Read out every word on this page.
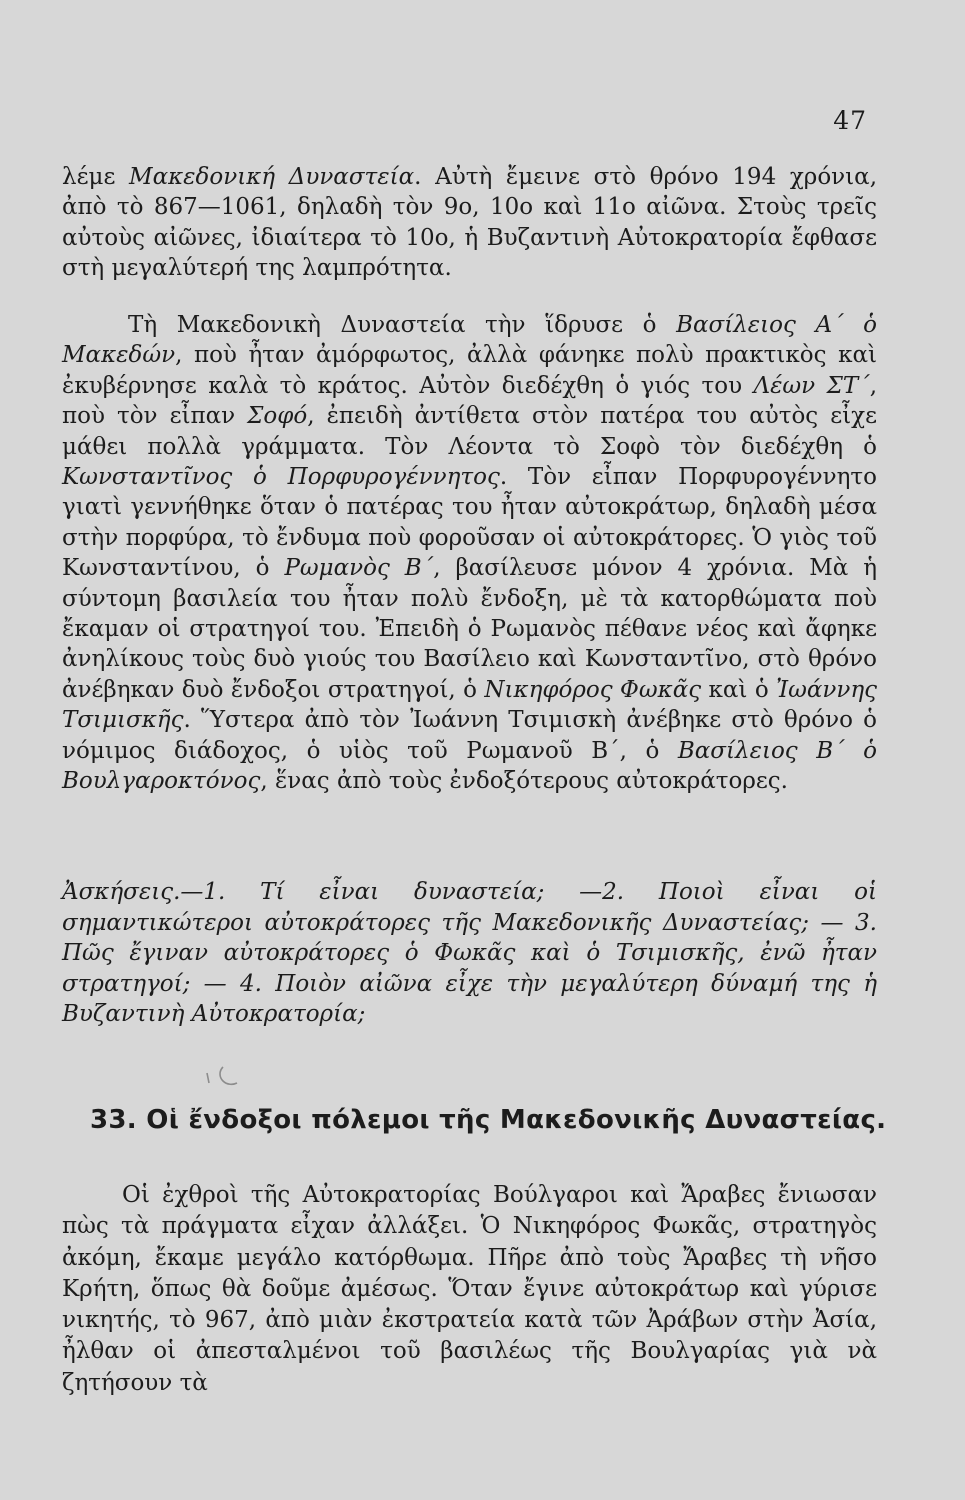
47

λέμε Μακεδονική Δυναστεία. Αὐτὴ ἔμεινε στὸ θρόνο 194 χρόνια, ἀπὸ τὸ 867—1061, δηλαδὴ τὸν 9ο, 10ο καὶ 11ο αἰῶνα. Στοὺς τρεῖς αὐτοὺς αἰῶνες, ἰδιαίτερα τὸ 10ο, ἡ Βυζαντινὴ Αὐτοκρατορία ἔφθασε στὴ μεγαλύτερή της λαμπρότητα.

Τὴ Μακεδονικὴ Δυναστεία τὴν ἵδρυσε ὁ Βασίλειος Α΄ ὁ Μακεδών, ποὺ ἦταν ἀμόρφωτος, ἀλλὰ φάνηκε πολὺ πρακτικὸς καὶ ἐκυβέρνησε καλὰ τὸ κράτος. Αὐτὸν διεδέχθη ὁ γιός του Λέων ΣΤ΄, ποὺ τὸν εἶπαν Σοφό, ἐπειδὴ ἀντίθετα στὸν πατέρα του αὐτὸς εἶχε μάθει πολλὰ γράμματα. Τὸν Λέοντα τὸ Σοφὸ τὸν διεδέχθη ὁ Κωνσταντῖνος ὁ Πορφυρογέννητος. Τὸν εἶπαν Πορφυρογέννητο γιατὶ γεννήθηκε ὅταν ὁ πατέρας του ἦταν αὐτοκράτωρ, δηλαδὴ μέσα στὴν πορφύρα, τὸ ἔνδυμα ποὺ φοροῦσαν οἱ αὐτοκράτορες. Ὁ γιὸς τοῦ Κωνσταντίνου, ὁ Ρωμανὸς Β΄, βασίλευσε μόνον 4 χρόνια. Μὰ ἡ σύντομη βασιλεία του ἦταν πολὺ ἔνδοξη, μὲ τὰ κατορθώματα ποὺ ἔκαμαν οἱ στρατηγοί του. Ἐπειδὴ ὁ Ρωμανὸς πέθανε νέος καὶ ἄφηκε ἀνηλίκους τοὺς δυὸ γιούς του Βασίλειο καὶ Κωνσταντῖνο, στὸ θρόνο ἀνέβηκαν δυὸ ἔνδοξοι στρατηγοί, ὁ Νικηφόρος Φωκᾶς καὶ ὁ Ἰωάννης Τσιμισκῆς. Ὕστερα ἀπὸ τὸν Ἰωάννη Τσιμισκὴ ἀνέβηκε στὸ θρόνο ὁ νόμιμος διάδοχος, ὁ υἱὸς τοῦ Ρωμανοῦ Β΄, ὁ Βασίλειος Β΄ ὁ Βουλγαροκτόνος, ἕνας ἀπὸ τοὺς ἐνδοξότερους αὐτοκράτορες.

Ἀσκήσεις.—1. Τί εἶναι δυναστεία; —2. Ποιοὶ εἶναι οἱ σημαντικώτεροι αὐτοκράτορες τῆς Μακεδονικῆς Δυναστείας; — 3. Πῶς ἔγιναν αὐτοκράτορες ὁ Φωκᾶς καὶ ὁ Τσιμισκῆς, ἐνῶ ἦταν στρατηγοί; — 4. Ποιὸν αἰῶνα εἶχε τὴν μεγαλύτερη δύναμή της ἡ Βυζαντινὴ Αὐτοκρατορία;

33. Οἱ ἔνδοξοι πόλεμοι τῆς Μακεδονικῆς Δυναστείας.

Οἱ ἐχθροὶ τῆς Αὐτοκρατορίας Βούλγαροι καὶ Ἄραβες ἔνιωσαν πὼς τὰ πράγματα εἶχαν ἀλλάξει. Ὁ Νικηφόρος Φωκᾶς, στρατηγὸς ἀκόμη, ἔκαμε μεγάλο κατόρθωμα. Πῆρε ἀπὸ τοὺς Ἄραβες τὴ νῆσο Κρήτη, ὅπως θὰ δοῦμε ἀμέσως. Ὅταν ἔγινε αὐτοκράτωρ καὶ γύρισε νικητής, τὸ 967, ἀπὸ μιὰν ἐκστρατεία κατὰ τῶν Ἀράβων στὴν Ἀσία, ἦλθαν οἱ ἀπεσταλμένοι τοῦ βασιλέως τῆς Βουλγαρίας γιὰ νὰ ζητήσουν τὰ
